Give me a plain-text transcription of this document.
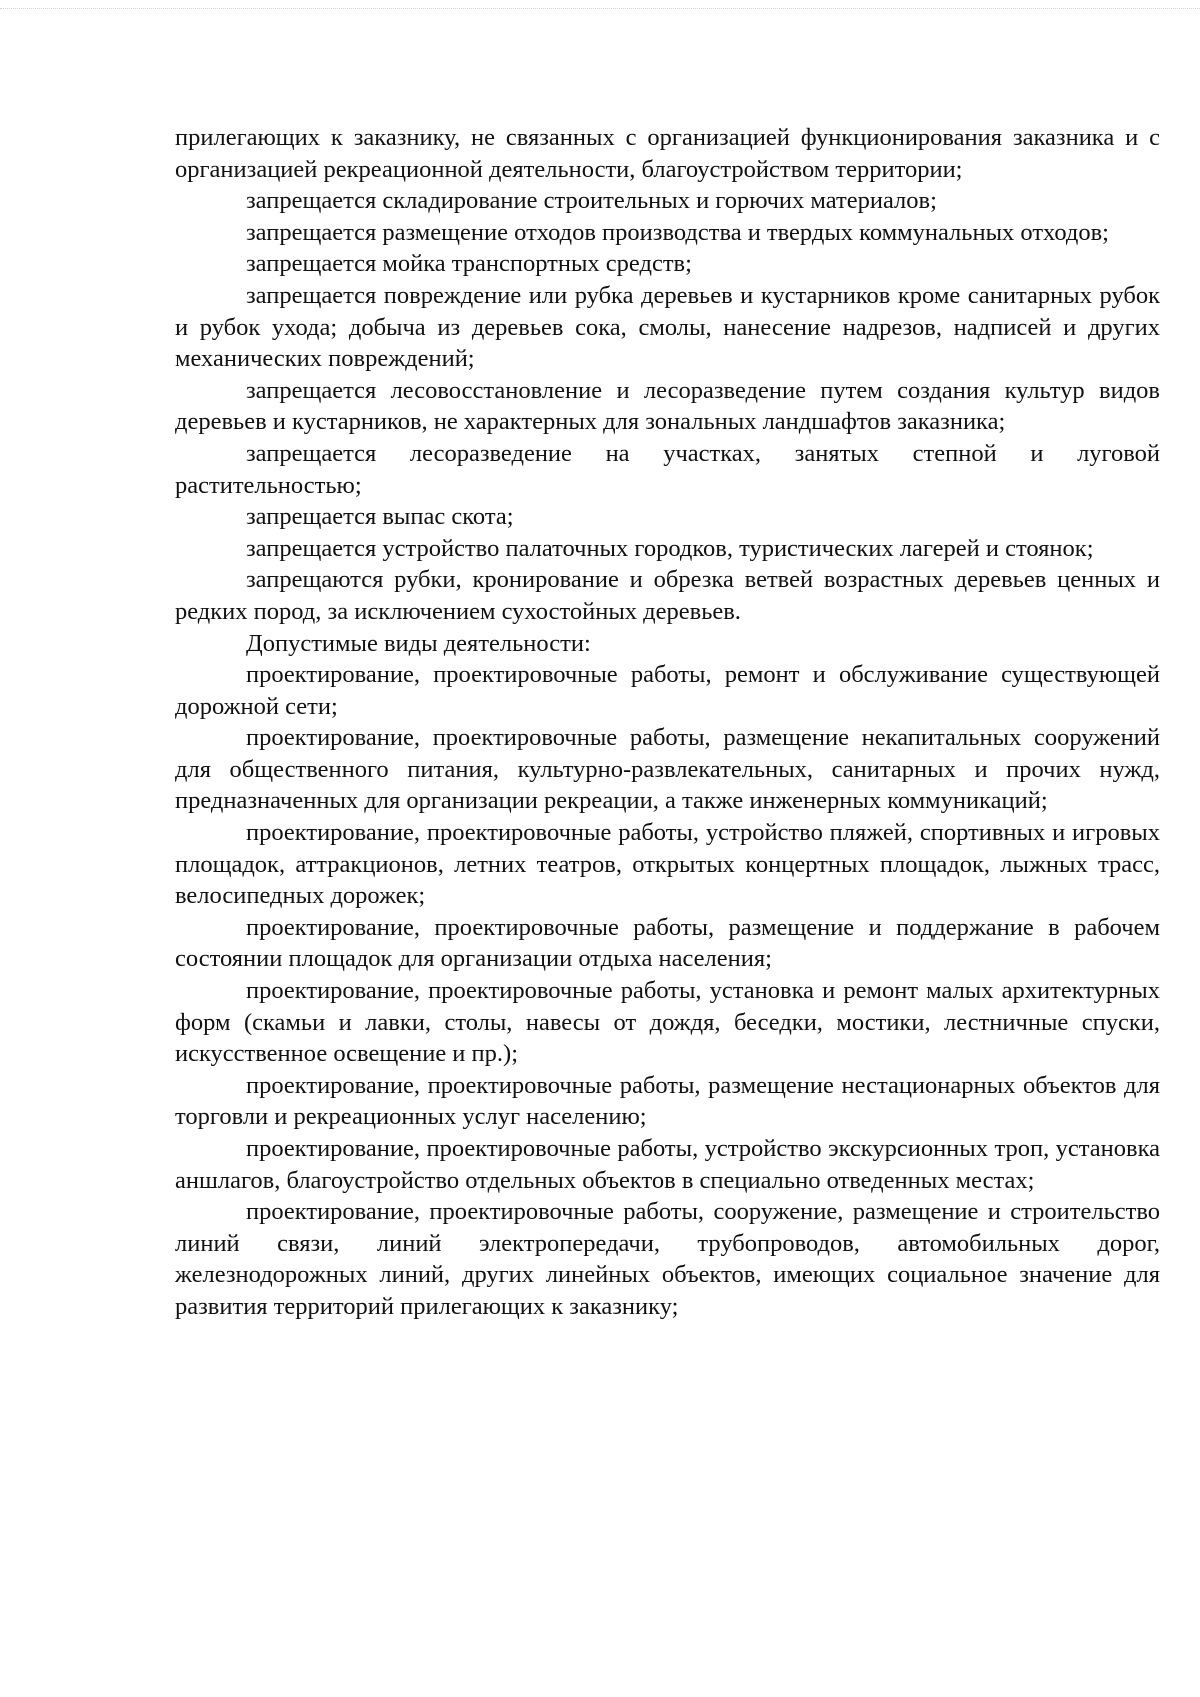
прилегающих к заказнику, не связанных с организацией функционирования заказника и с организацией рекреационной деятельности, благоустройством территории;

запрещается складирование строительных и горючих материалов;

запрещается размещение отходов производства и твердых коммунальных отходов;

запрещается мойка транспортных средств;

запрещается повреждение или рубка деревьев и кустарников кроме санитарных рубок и рубок ухода; добыча из деревьев сока, смолы, нанесение надрезов, надписей и других механических повреждений;

запрещается лесовосстановление и лесоразведение путем создания культур видов деревьев и кустарников, не характерных для зональных ландшафтов заказника;

запрещается лесоразведение на участках, занятых степной и луговой растительностью;

запрещается выпас скота;

запрещается устройство палаточных городков, туристических лагерей и стоянок;

запрещаются рубки, кронирование и обрезка ветвей возрастных деревьев ценных и редких пород, за исключением сухостойных деревьев.

Допустимые виды деятельности:

проектирование, проектировочные работы, ремонт и обслуживание существующей дорожной сети;

проектирование, проектировочные работы, размещение некапитальных сооружений для общественного питания, культурно-развлекательных, санитарных и прочих нужд, предназначенных для организации рекреации, а также инженерных коммуникаций;

проектирование, проектировочные работы, устройство пляжей, спортивных и игровых площадок, аттракционов, летних театров, открытых концертных площадок, лыжных трасс, велосипедных дорожек;

проектирование, проектировочные работы, размещение и поддержание в рабочем состоянии площадок для организации отдыха населения;

проектирование, проектировочные работы, установка и ремонт малых архитектурных форм (скамьи и лавки, столы, навесы от дождя, беседки, мостики, лестничные спуски, искусственное освещение и пр.);

проектирование, проектировочные работы, размещение нестационарных объектов для торговли и рекреационных услуг населению;

проектирование, проектировочные работы, устройство экскурсионных троп, установка аншлагов, благоустройство отдельных объектов в специально отведенных местах;

проектирование, проектировочные работы, сооружение, размещение и строительство линий связи, линий электропередачи, трубопроводов, автомобильных дорог, железнодорожных линий, других линейных объектов, имеющих социальное значение для развития территорий прилегающих к заказнику;
